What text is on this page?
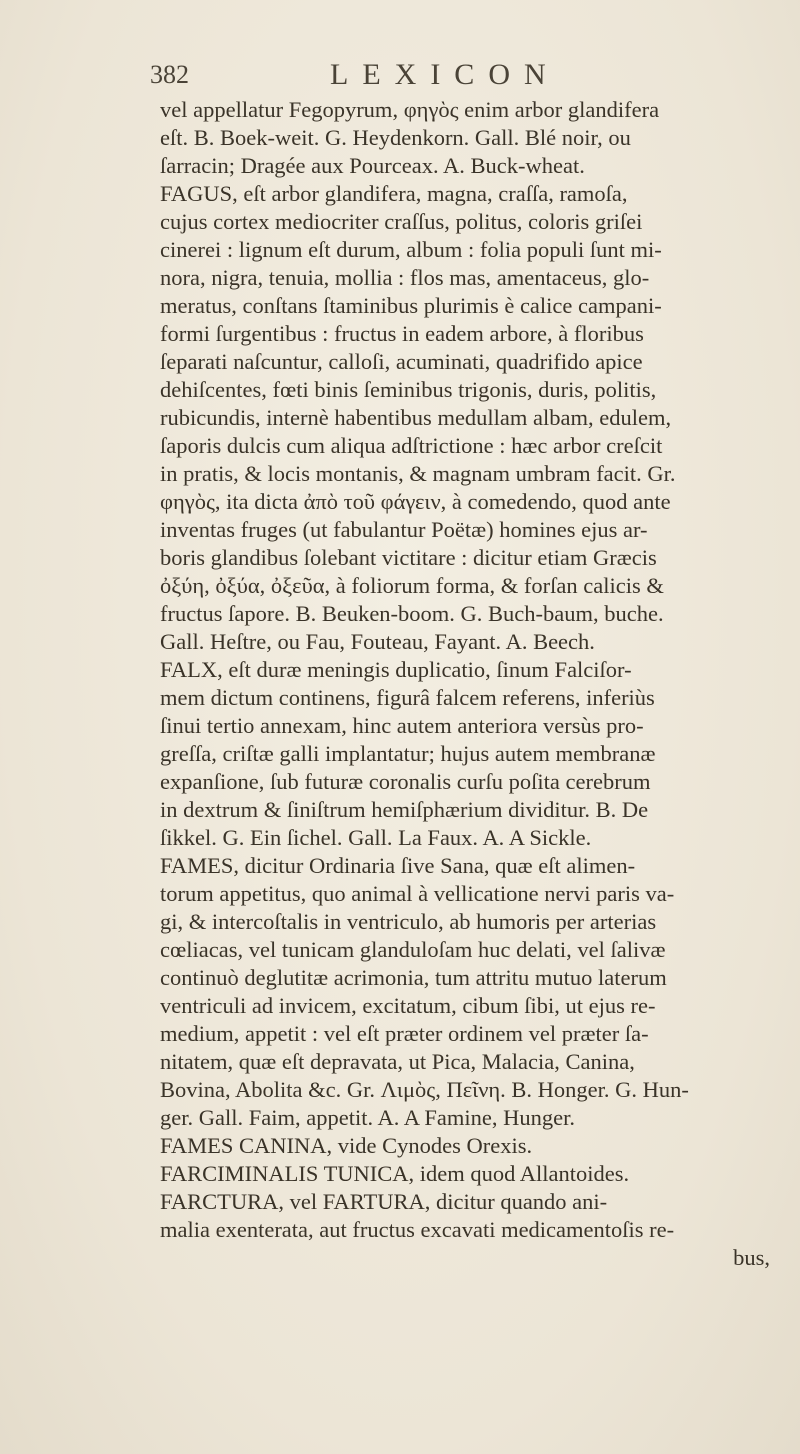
382	LEXICON
vel appellatur Fegopyrum, φηγὸς enim arbor glandifera
eſt. B. Boek-weit. G. Heydenkorn. Gall. Blé noir, ou
ſarracin; Dragée aux Pourceax. A. Buck-wheat.
FAGUS, eſt arbor glandifera, magna, craſſa, ramoſa,
cujus cortex mediocriter craſſus, politus, coloris griſei
cinerei : lignum eſt durum, album : folia populi ſunt mi-
nora, nigra, tenuia, mollia : flos mas, amentaceus, glo-
meratus, conſtans ſtaminibus plurimis è calice campani-
formi ſurgentibus : fructus in eadem arbore, à floribus
ſeparati naſcuntur, calloſi, acuminati, quadrifido apice
dehiſcentes, fœti binis ſeminibus trigonis, duris, politis,
rubicundis, internè habentibus medullam albam, edulem,
ſaporis dulcis cum aliqua adſtrictione : hæc arbor creſcit
in pratis, & locis montanis, & magnam umbram facit. Gr.
φηγὸς, ita dicta ἀπὸ τοῦ φάγειν, à comedendo, quod ante
inventas fruges (ut fabulantur Poëtæ) homines ejus ar-
boris glandibus ſolebant victitare : dicitur etiam Græcis
ὀξύη, ὀξύα, ὀξεῦα, à foliorum forma, & forſan calicis &
fructus ſapore. B. Beuken-boom. G. Buch-baum, buche.
Gall. Heſtre, ou Fau, Fouteau, Fayant. A. Beech.
FALX, eſt duræ meningis duplicatio, ſinum Falciſor-
mem dictum continens, figurâ falcem referens, inferiùs
ſinui tertio annexam, hinc autem anteriora versùs pro-
greſſa, criſtæ galli implantatur; hujus autem membranæ
expanſione, ſub futuræ coronalis curſu poſita cerebrum
in dextrum & ſiniſtrum hemiſphærium dividitur. B. De
ſikkel. G. Ein ſichel. Gall. La Faux. A. A Sickle.
FAMES, dicitur Ordinaria ſive Sana, quæ eſt alimen-
torum appetitus, quo animal à vellicatione nervi paris va-
gi, & intercoſtalis in ventriculo, ab humoris per arterias
cœliacas, vel tunicam glanduloſam huc delati, vel ſalivæ
continuò deglutitæ acrimonia, tum attritu mutuo laterum
ventriculi ad invicem, excitatum, cibum ſibi, ut ejus re-
medium, appetit : vel eſt præter ordinem vel præter ſa-
nitatem, quæ eſt depravata, ut Pica, Malacia, Canina,
Bovina, Abolita &c. Gr. Λιμὸς, Πεῖνη. B. Honger. G. Hun-
ger. Gall. Faim, appetit. A. A Famine, Hunger.
FAMES CANINA, vide Cynodes Orexis.
FARCIMINALIS TUNICA, idem quod Allantoides.
FARCTURA, vel FARTURA, dicitur quando ani-
malia exenterata, aut fructus excavati medicamentoſis re-
bus,
